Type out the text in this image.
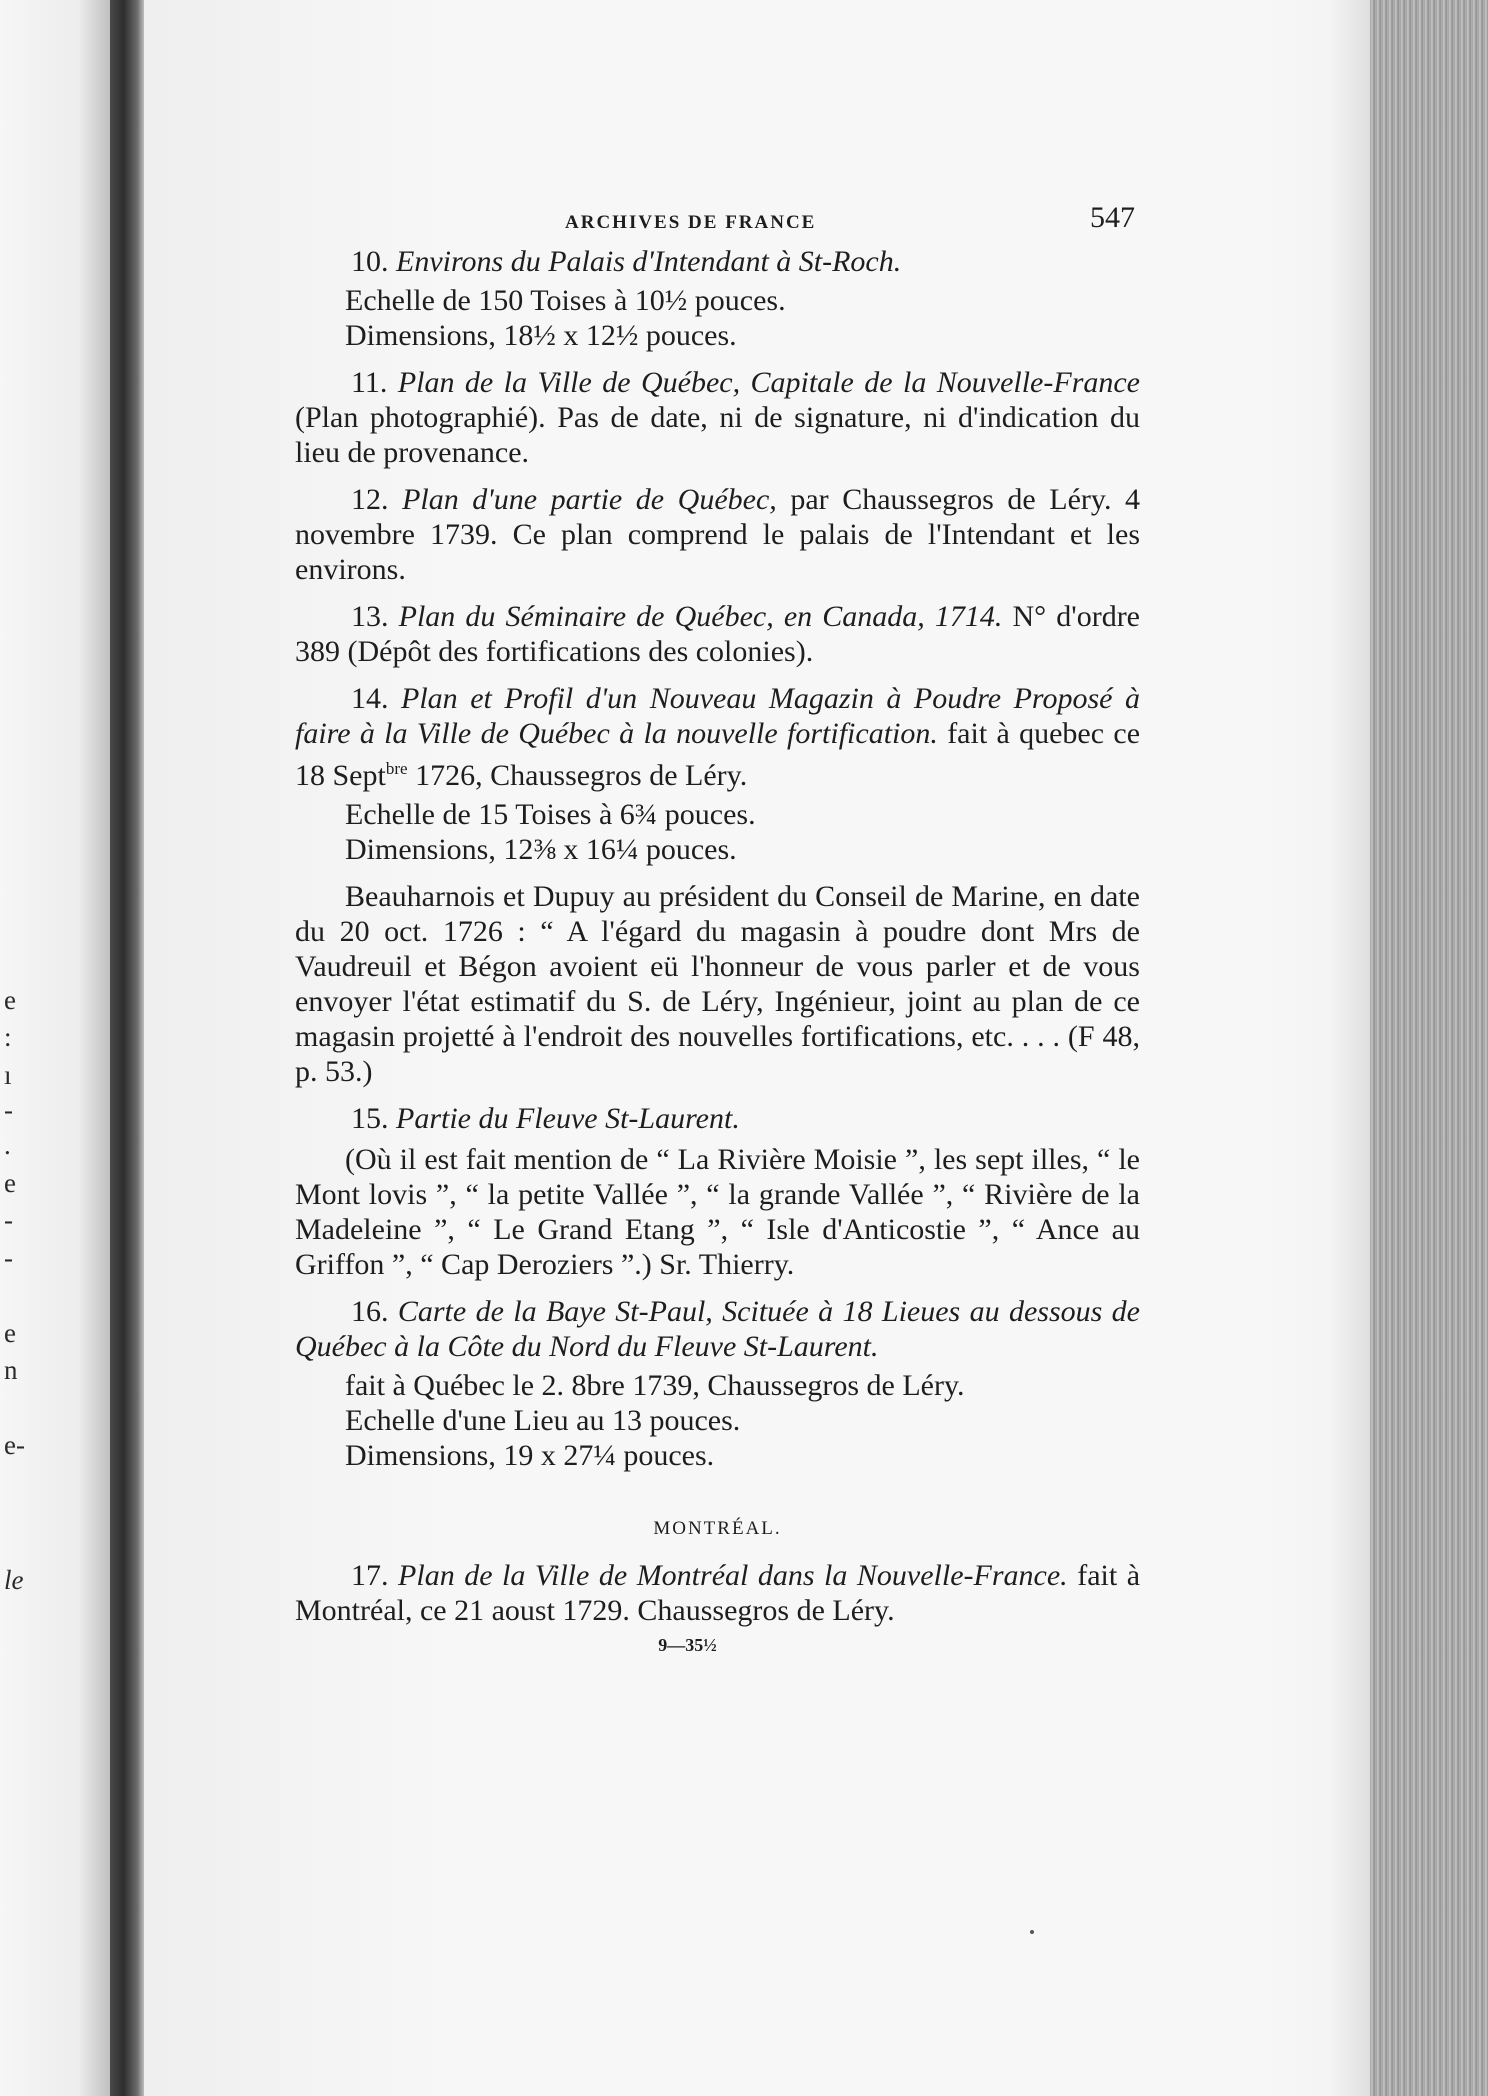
e
:
ı
-
.
e
-
-
e
n
e-
le
ARCHIVES DE FRANCE	547

10. Environs du Palais d'Intendant à St-Roch.

Echelle de 150 Toises à 10½ pouces.

Dimensions, 18½ x 12½ pouces.

11. Plan de la Ville de Québec, Capitale de la Nouvelle-France (Plan photographié). Pas de date, ni de signature, ni d'indication du lieu de provenance.

12. Plan d'une partie de Québec, par Chaussegros de Léry. 4 novembre 1739. Ce plan comprend le palais de l'Intendant et les environs.

13. Plan du Séminaire de Québec, en Canada, 1714. N° d'ordre 389 (Dépôt des fortifications des colonies).

14. Plan et Profil d'un Nouveau Magazin à Poudre Proposé à faire à la Ville de Québec à la nouvelle fortification. fait à quebec ce 18 Sept$^{bre}$ 1726, Chaussegros de Léry.

Echelle de 15 Toises à 6¾ pouces.

Dimensions, 12⅜ x 16¼ pouces.

Beauharnois et Dupuy au président du Conseil de Marine, en date du 20 oct. 1726 : “ A l'égard du magasin à poudre dont Mrs de Vaudreuil et Bégon avoient eü l'honneur de vous parler et de vous envoyer l'état estimatif du S. de Léry, Ingénieur, joint au plan de ce magasin projetté à l'endroit des nouvelles fortifications, etc. . . . (F 48, p. 53.)

15. Partie du Fleuve St-Laurent.

(Où il est fait mention de “ La Rivière Moisie ”, les sept illes, “ le Mont lovis ”, “ la petite Vallée ”, “ la grande Vallée ”, “ Rivière de la Madeleine ”, “ Le Grand Etang ”, “ Isle d'Anticostie ”, “ Ance au Griffon ”, “ Cap Deroziers ”.) Sr. Thierry.

16. Carte de la Baye St-Paul, Scituée à 18 Lieues au dessous de Québec à la Côte du Nord du Fleuve St-Laurent.

fait à Québec le 2. 8bre 1739, Chaussegros de Léry.

Echelle d'une Lieu au 13 pouces.

Dimensions, 19 x 27¼ pouces.

MONTRÉAL.

17. Plan de la Ville de Montréal dans la Nouvelle-France. fait à Montréal, ce 21 aoust 1729. Chaussegros de Léry.

9—35½
